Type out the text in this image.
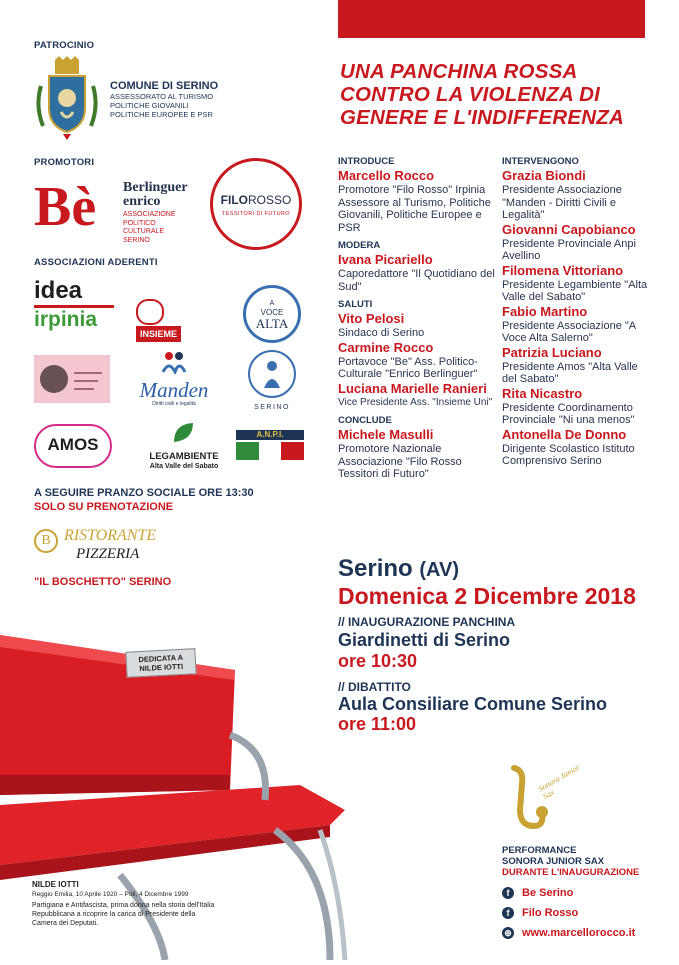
PATROCINIO
COMUNE DI SERINO
ASSESSORATO AL TURISMO
POLITICHE GIOVANILI
POLITICHE EUROPEE E PSR
PROMOTORI
Bè Berlinguer
enrico
ASSOCIAZIONE
POLITICO
CULTURALE
SERINO
FILOROSSO
TESSITORI DI FUTURO
ASSOCIAZIONI ADERENTI
idea
irpinia
INSIEME
A
VOCE
ALTA
Manden
Diritti civili e legalità	SERINO
AMOS
LEGAMBIENTE
Alta Valle del Sabato
A.N.P.I.
A SEGUIRE PRANZO SOCIALE ORE 13:30
SOLO SU PRENOTAZIONE
B RISTORANTE
PIZZERIA
"IL BOSCHETTO" SERINO
UNA PANCHINA ROSSA CONTRO LA VIOLENZA DI GENERE E L'INDIFFERENZA
INTRODUCE
Marcello Rocco
Promotore "Filo Rosso" Irpinia Assessore al Turismo, Politiche Giovanili, Politiche Europee e PSR
MODERA
Ivana Picariello
Caporedattore "Il Quotidiano del Sud"
SALUTI
Vito Pelosi
Sindaco di Serino
Carmine Rocco
Portavoce "Be" Ass. Politico-Culturale "Enrico Berlinguer"
Luciana Marielle Ranieri
Vice Presidente Ass. "Insieme Uni"
CONCLUDE
Michele Masulli
Promotore Nazionale Associazione "Filo Rosso Tessitori di Futuro"
INTERVENGONO
Grazia Biondi
Presidente Associazione "Manden - Diritti Civili e Legalità"
Giovanni Capobianco
Presidente Provinciale Anpi Avellino
Filomena Vittoriano
Presidente Legambiente "Alta Valle del Sabato"
Fabio Martino
Presidente Associazione "A Voce Alta Salerno"
Patrizia Luciano
Presidente Amos "Alta Valle del Sabato"
Rita Nicastro
Presidente Coordinamento Provinciale "Ni una menos"
Antonella De Donno
Dirigente Scolastico Istituto Comprensivo Serino
Serino (AV)
Domenica 2 Dicembre 2018
// INAUGURAZIONE PANCHINA
Giardinetti di Serino
ore 10:30
// DIBATTITO
Aula Consiliare Comune Serino
ore 11:00
DEDICATA A
NILDE IOTTI
NILDE IOTTI
Reggio Emilia, 10 Aprile 1920 – Poli, 4 Dicembre 1999
Partigiana e Antifascista, prima donna nella storia dell'Italia Repubblicana a ricoprire la carica di Presidente della Camera dei Deputati.
Sonora Junior Sax
PERFORMANCE
SONORA JUNIOR SAX
DURANTE L'INAUGURAZIONE
f Be Serino
f Filo Rosso
⊕ www.marcellorocco.it
